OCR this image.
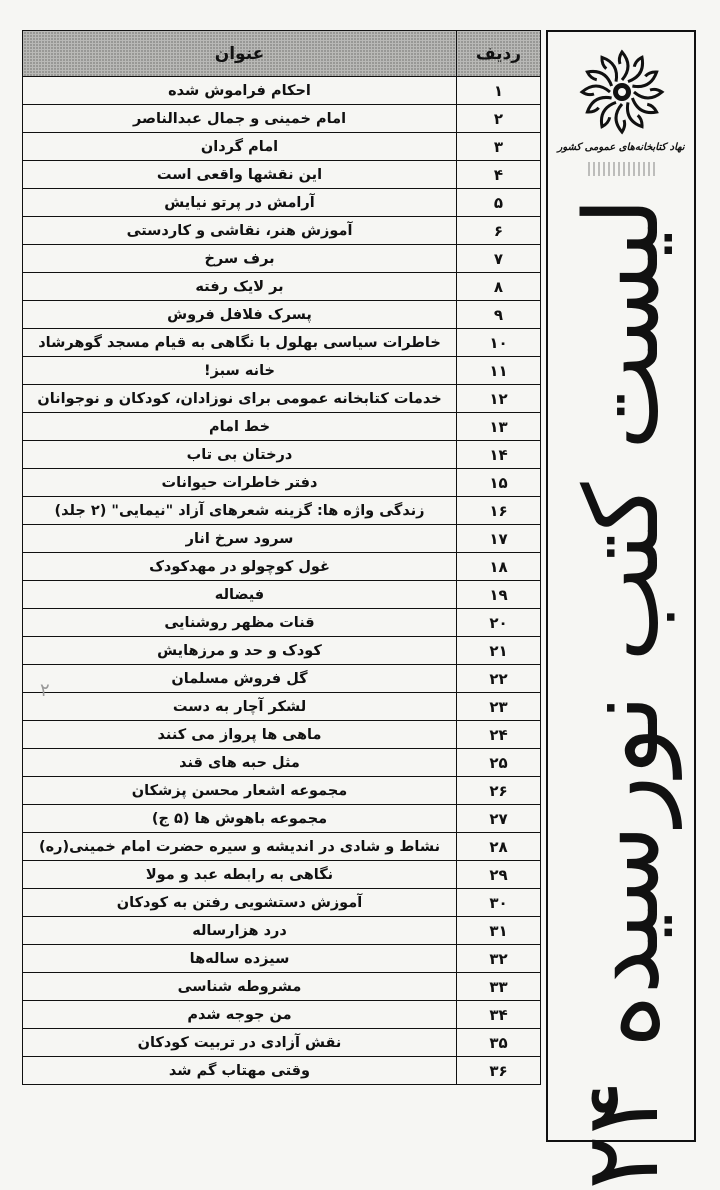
ردیف	عنوان
۱	احکام فراموش شده
۲	امام خمینی و جمال عبدالناصر
۳	امام گردان
۴	این نقشها واقعی است
۵	آرامش در پرتو نیایش
۶	آموزش هنر، نقاشی و کاردستی
۷	برف سرخ
۸	بر لایک رفته
۹	پسرک فلافل فروش
۱۰	خاطرات سیاسی بهلول با نگاهی به قیام مسجد گوهرشاد
۱۱	خانه سبز!
۱۲	خدمات کتابخانه عمومی برای نوزادان، کودکان و نوجوانان
۱۳	خط امام
۱۴	درختان بی تاب
۱۵	دفتر خاطرات حیوانات
۱۶	زندگی واژه ها: گزینه شعرهای آزاد "نیمایی" (۲ جلد)
۱۷	سرود سرخ انار
۱۸	غول کوچولو در مهدکودک
۱۹	فیضاله
۲۰	قنات مظهر روشنایی
۲۱	کودک و حد و مرزهایش
۲۲	گل فروش مسلمان
۲۳	لشکر آچار به دست
۲۴	ماهی ها پرواز می کنند
۲۵	مثل حبه های قند
۲۶	مجموعه اشعار محسن پزشکان
۲۷	مجموعه باهوش ها (۵ ج)
۲۸	نشاط و شادی در اندیشه و سیره حضرت امام خمینی(ره)
۲۹	نگاهی به رابطه عبد و مولا
۳۰	آموزش دستشویی رفتن به کودکان
۳۱	درد هزارساله
۳۲	سیزده ساله‌ها
۳۳	مشروطه شناسی
۳۴	من جوجه شدم
۳۵	نقش آزادی در تربیت کودکان
۳۶	وقتی مهتاب گم شد
نهاد کتابخانه‌های عمومی کشور
لیست کتب نورسیده ۲۴
۲
